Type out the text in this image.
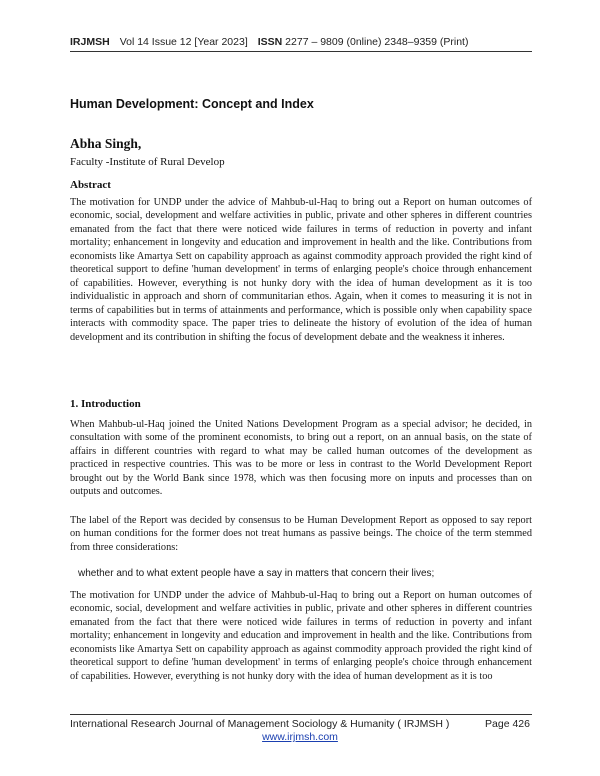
IRJMSH Vol 14 Issue 12 [Year 2023] ISSN 2277 – 9809 (0nline) 2348–9359 (Print)
Human Development: Concept and Index
Abha Singh,
Faculty -Institute of Rural Develop
Abstract
The motivation for UNDP under the advice of Mahbub-ul-Haq to bring out a Report on human outcomes of economic, social, development and welfare activities in public, private and other spheres in different countries emanated from the fact that there were noticed wide failures in terms of reduction in poverty and infant mortality; enhancement in longevity and education and improvement in health and the like. Contributions from economists like Amartya Sett on capability approach as against commodity approach provided the right kind of theoretical support to define 'human development' in terms of enlarging people's choice through enhancement of capabilities. However, everything is not hunky dory with the idea of human development as it is too individualistic in approach and shorn of communitarian ethos. Again, when it comes to measuring it is not in terms of capabilities but in terms of attainments and performance, which is possible only when capability space interacts with commodity space. The paper tries to delineate the history of evolution of the idea of human development and its contribution in shifting the focus of development debate and the weakness it inheres.
1. Introduction
When Mahbub-ul-Haq joined the United Nations Development Program as a special advisor; he decided, in consultation with some of the prominent economists, to bring out a report, on an annual basis, on the state of affairs in different countries with regard to what may be called human outcomes of the development as practiced in respective countries. This was to be more or less in contrast to the World Development Report brought out by the World Bank since 1978, which was then focusing more on inputs and processes than on outputs and outcomes.
The label of the Report was decided by consensus to be Human Development Report as opposed to say report on human conditions for the former does not treat humans as passive beings. The choice of the term stemmed from three considerations:
whether and to what extent people have a say in matters that concern their lives;
The motivation for UNDP under the advice of Mahbub-ul-Haq to bring out a Report on human outcomes of economic, social, development and welfare activities in public, private and other spheres in different countries emanated from the fact that there were noticed wide failures in terms of reduction in poverty and infant mortality; enhancement in longevity and education and improvement in health and the like. Contributions from economists like Amartya Sett on capability approach as against commodity approach provided the right kind of theoretical support to define 'human development' in terms of enlarging people's choice through enhancement of capabilities. However, everything is not hunky dory with the idea of human development as it is too
International Research Journal of Management Sociology & Humanity ( IRJMSH )	Page 426
www.irjmsh.com
